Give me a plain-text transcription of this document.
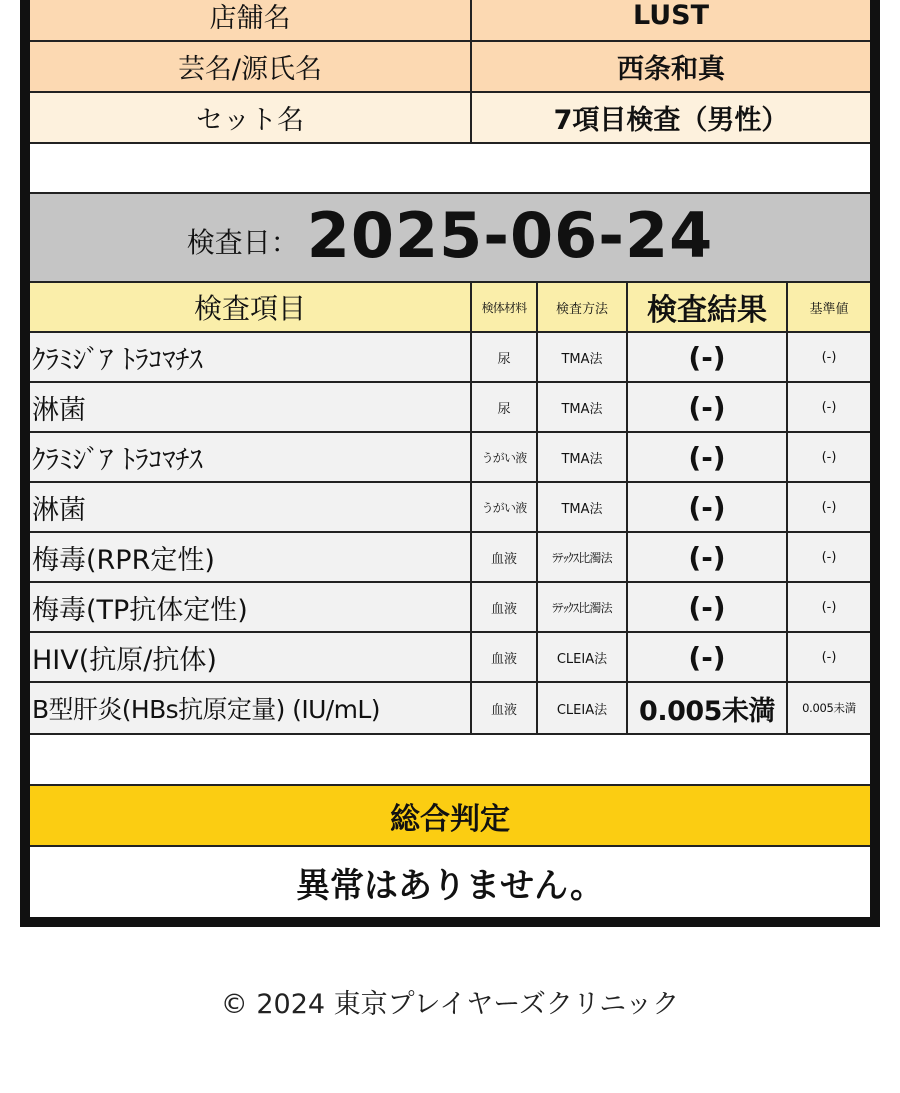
店舗名	LUST
芸名/源氏名	西条和真
セット名	7項目検査（男性）
検査日： 2025-06-24
検査項目	検体材料	検査方法	検査結果	基準値
ｸﾗﾐｼﾞｱ ﾄﾗｺﾏﾁｽ	尿	TMA法	(-)	(-)
淋菌	尿	TMA法	(-)	(-)
ｸﾗﾐｼﾞｱ ﾄﾗｺﾏﾁｽ	うがい液	TMA法	(-)	(-)
淋菌	うがい液	TMA法	(-)	(-)
梅毒(RPR定性)	血液	ﾗﾃｯｸｽ比濁法	(-)	(-)
梅毒(TP抗体定性)	血液	ﾗﾃｯｸｽ比濁法	(-)	(-)
HIV(抗原/抗体)	血液	CLEIA法	(-)	(-)
B型肝炎(HBs抗原定量) (IU/mL)	血液	CLEIA法	0.005未満	0.005未満
総合判定
異常はありません。
© 2024 東京プレイヤーズクリニック
